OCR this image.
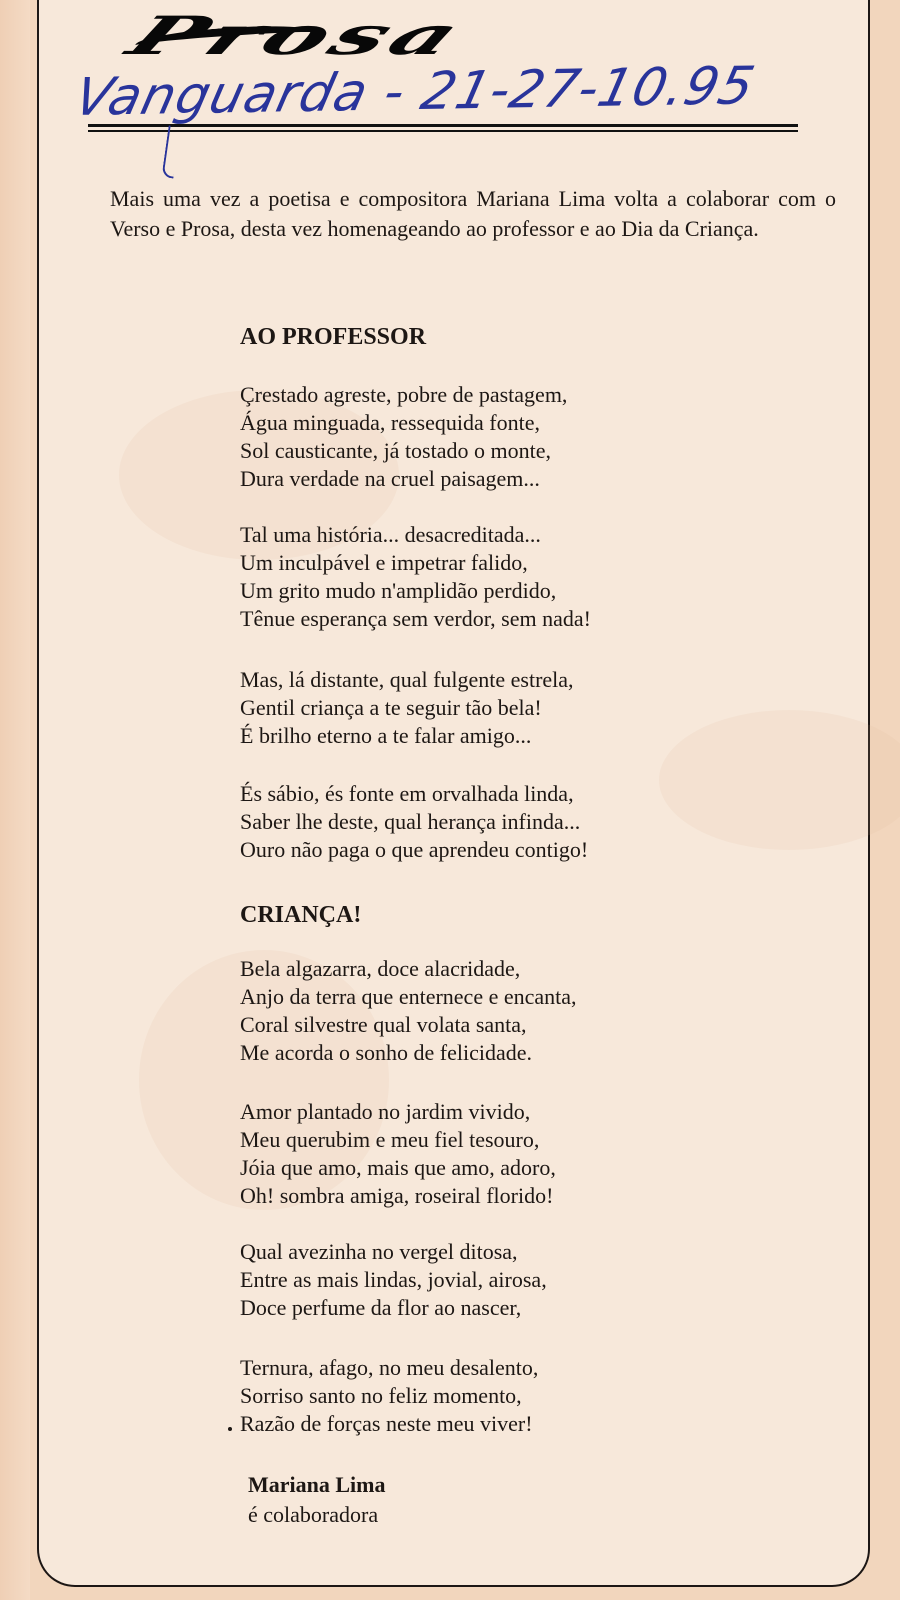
Prosa
Vanguarda - 21-27-10.95

Mais uma vez a poetisa e compositora Mariana Lima volta a colaborar com o Verso e Prosa, desta vez homenageando ao professor e ao Dia da Criança.

AO PROFESSOR
Çrestado agreste, pobre de pastagem,
Água minguada, ressequida fonte,
Sol causticante, já tostado o monte,
Dura verdade na cruel paisagem...
Tal uma história... desacreditada...
Um inculpável e impetrar falido,
Um grito mudo n'amplidão perdido,
Tênue esperança sem verdor, sem nada!
Mas, lá distante, qual fulgente estrela,
Gentil criança a te seguir tão bela!
É brilho eterno a te falar amigo...
És sábio, és fonte em orvalhada linda,
Saber lhe deste, qual herança infinda...
Ouro não paga o que aprendeu contigo!
CRIANÇA!
Bela algazarra, doce alacridade,
Anjo da terra que enternece e encanta,
Coral silvestre qual volata santa,
Me acorda o sonho de felicidade.
Amor plantado no jardim vivido,
Meu querubim e meu fiel tesouro,
Jóia que amo, mais que amo, adoro,
Oh! sombra amiga, roseiral florido!
Qual avezinha no vergel ditosa,
Entre as mais lindas, jovial, airosa,
Doce perfume da flor ao nascer,
Ternura, afago, no meu desalento,
Sorriso santo no feliz momento,
Razão de forças neste meu viver!
Mariana Lima
é colaboradora
